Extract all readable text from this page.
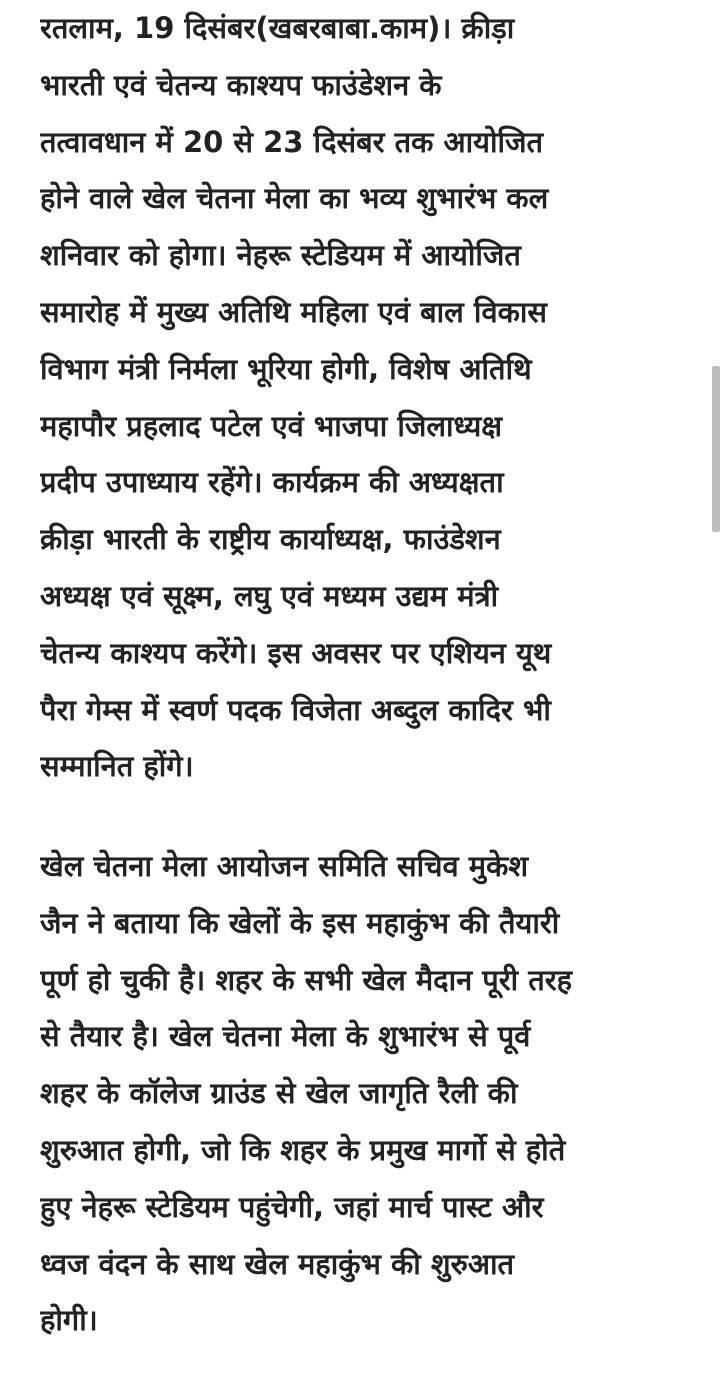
रतलाम, 19 दिसंबर(खबरबाबा.काम)। क्रीड़ा
भारती एवं चेतन्य काश्यप फाउंडेशन के
तत्वावधान में 20 से 23 दिसंबर तक आयोजित
होने वाले खेल चेतना मेला का भव्य शुभारंभ कल
शनिवार को होगा। नेहरू स्टेडियम में आयोजित
समारोह में मुख्य अतिथि महिला एवं बाल विकास
विभाग मंत्री निर्मला भूरिया होगी, विशेष अतिथि
महापौर प्रहलाद पटेल एवं भाजपा जिलाध्यक्ष
प्रदीप उपाध्याय रहेंगे। कार्यक्रम की अध्यक्षता
क्रीड़ा भारती के राष्ट्रीय कार्याध्यक्ष, फाउंडेशन
अध्यक्ष एवं सूक्ष्म, लघु एवं मध्यम उद्यम मंत्री
चेतन्य काश्यप करेंगे। इस अवसर पर एशियन यूथ
पैरा गेम्स में स्वर्ण पदक विजेता अब्दुल कादिर भी
सम्मानित होंगे।
खेल चेतना मेला आयोजन समिति सचिव मुकेश
जैन ने बताया कि खेलों के इस महाकुंभ की तैयारी
पूर्ण हो चुकी है। शहर के सभी खेल मैदान पूरी तरह
से तैयार है। खेल चेतना मेला के शुभारंभ से पूर्व
शहर के कॉलेज ग्राउंड से खेल जागृति रैली की
शुरुआत होगी, जो कि शहर के प्रमुख मार्गो से होते
हुए नेहरू स्टेडियम पहुंचेगी, जहां मार्च पास्ट और
ध्वज वंदन के साथ खेल महाकुंभ की शुरुआत
होगी।
